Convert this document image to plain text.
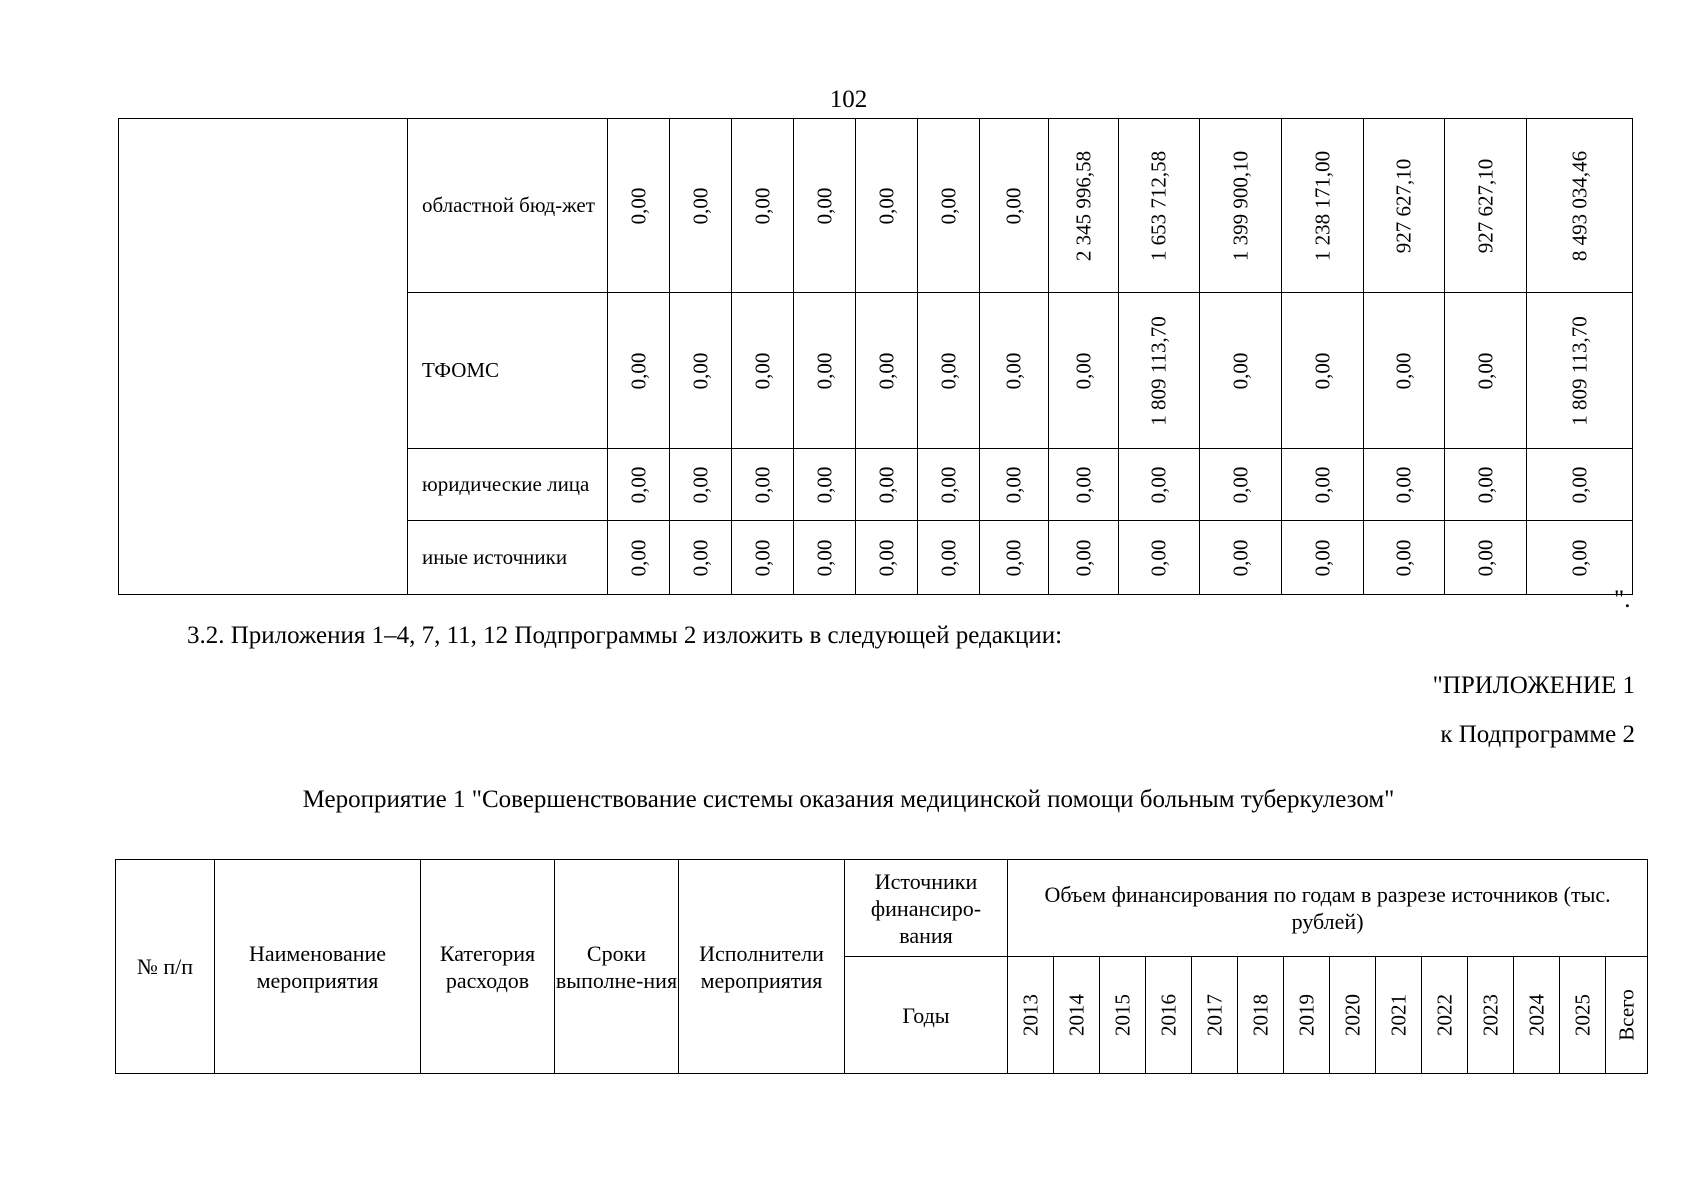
102
	областной бюд-жет	0,00	0,00	0,00	0,00	0,00	0,00	0,00	2 345 996,58	1 653 712,58	1 399 900,10	1 238 171,00	927 627,10	927 627,10	8 493 034,46

	ТФОМС	0,00	0,00	0,00	0,00	0,00	0,00	0,00	0,00	1 809 113,70	0,00	0,00	0,00	0,00	1 809 113,70

	юридические лица	0,00	0,00	0,00	0,00	0,00	0,00	0,00	0,00	0,00	0,00	0,00	0,00	0,00	0,00

	иные источники	0,00	0,00	0,00	0,00	0,00	0,00	0,00	0,00	0,00	0,00	0,00	0,00	0,00	0,00
".
3.2. Приложения 1–4, 7, 11, 12 Подпрограммы 2 изложить в следующей редакции:
"ПРИЛОЖЕНИЕ 1
к Подпрограмме 2
Мероприятие 1 "Совершенствование системы оказания медицинской помощи больным туберкулезом"
№ п/п	Наименование мероприятия	Категория расходов	Сроки выполне-ния	Исполнители мероприятия	Источники финансиро-вания	Объем финансирования по годам в разрезе источников (тыс. рублей)													
					Годы	2013	2014	2015	2016	2017	2018	2019	2020	2021	2022	2023	2024	2025	Всего
